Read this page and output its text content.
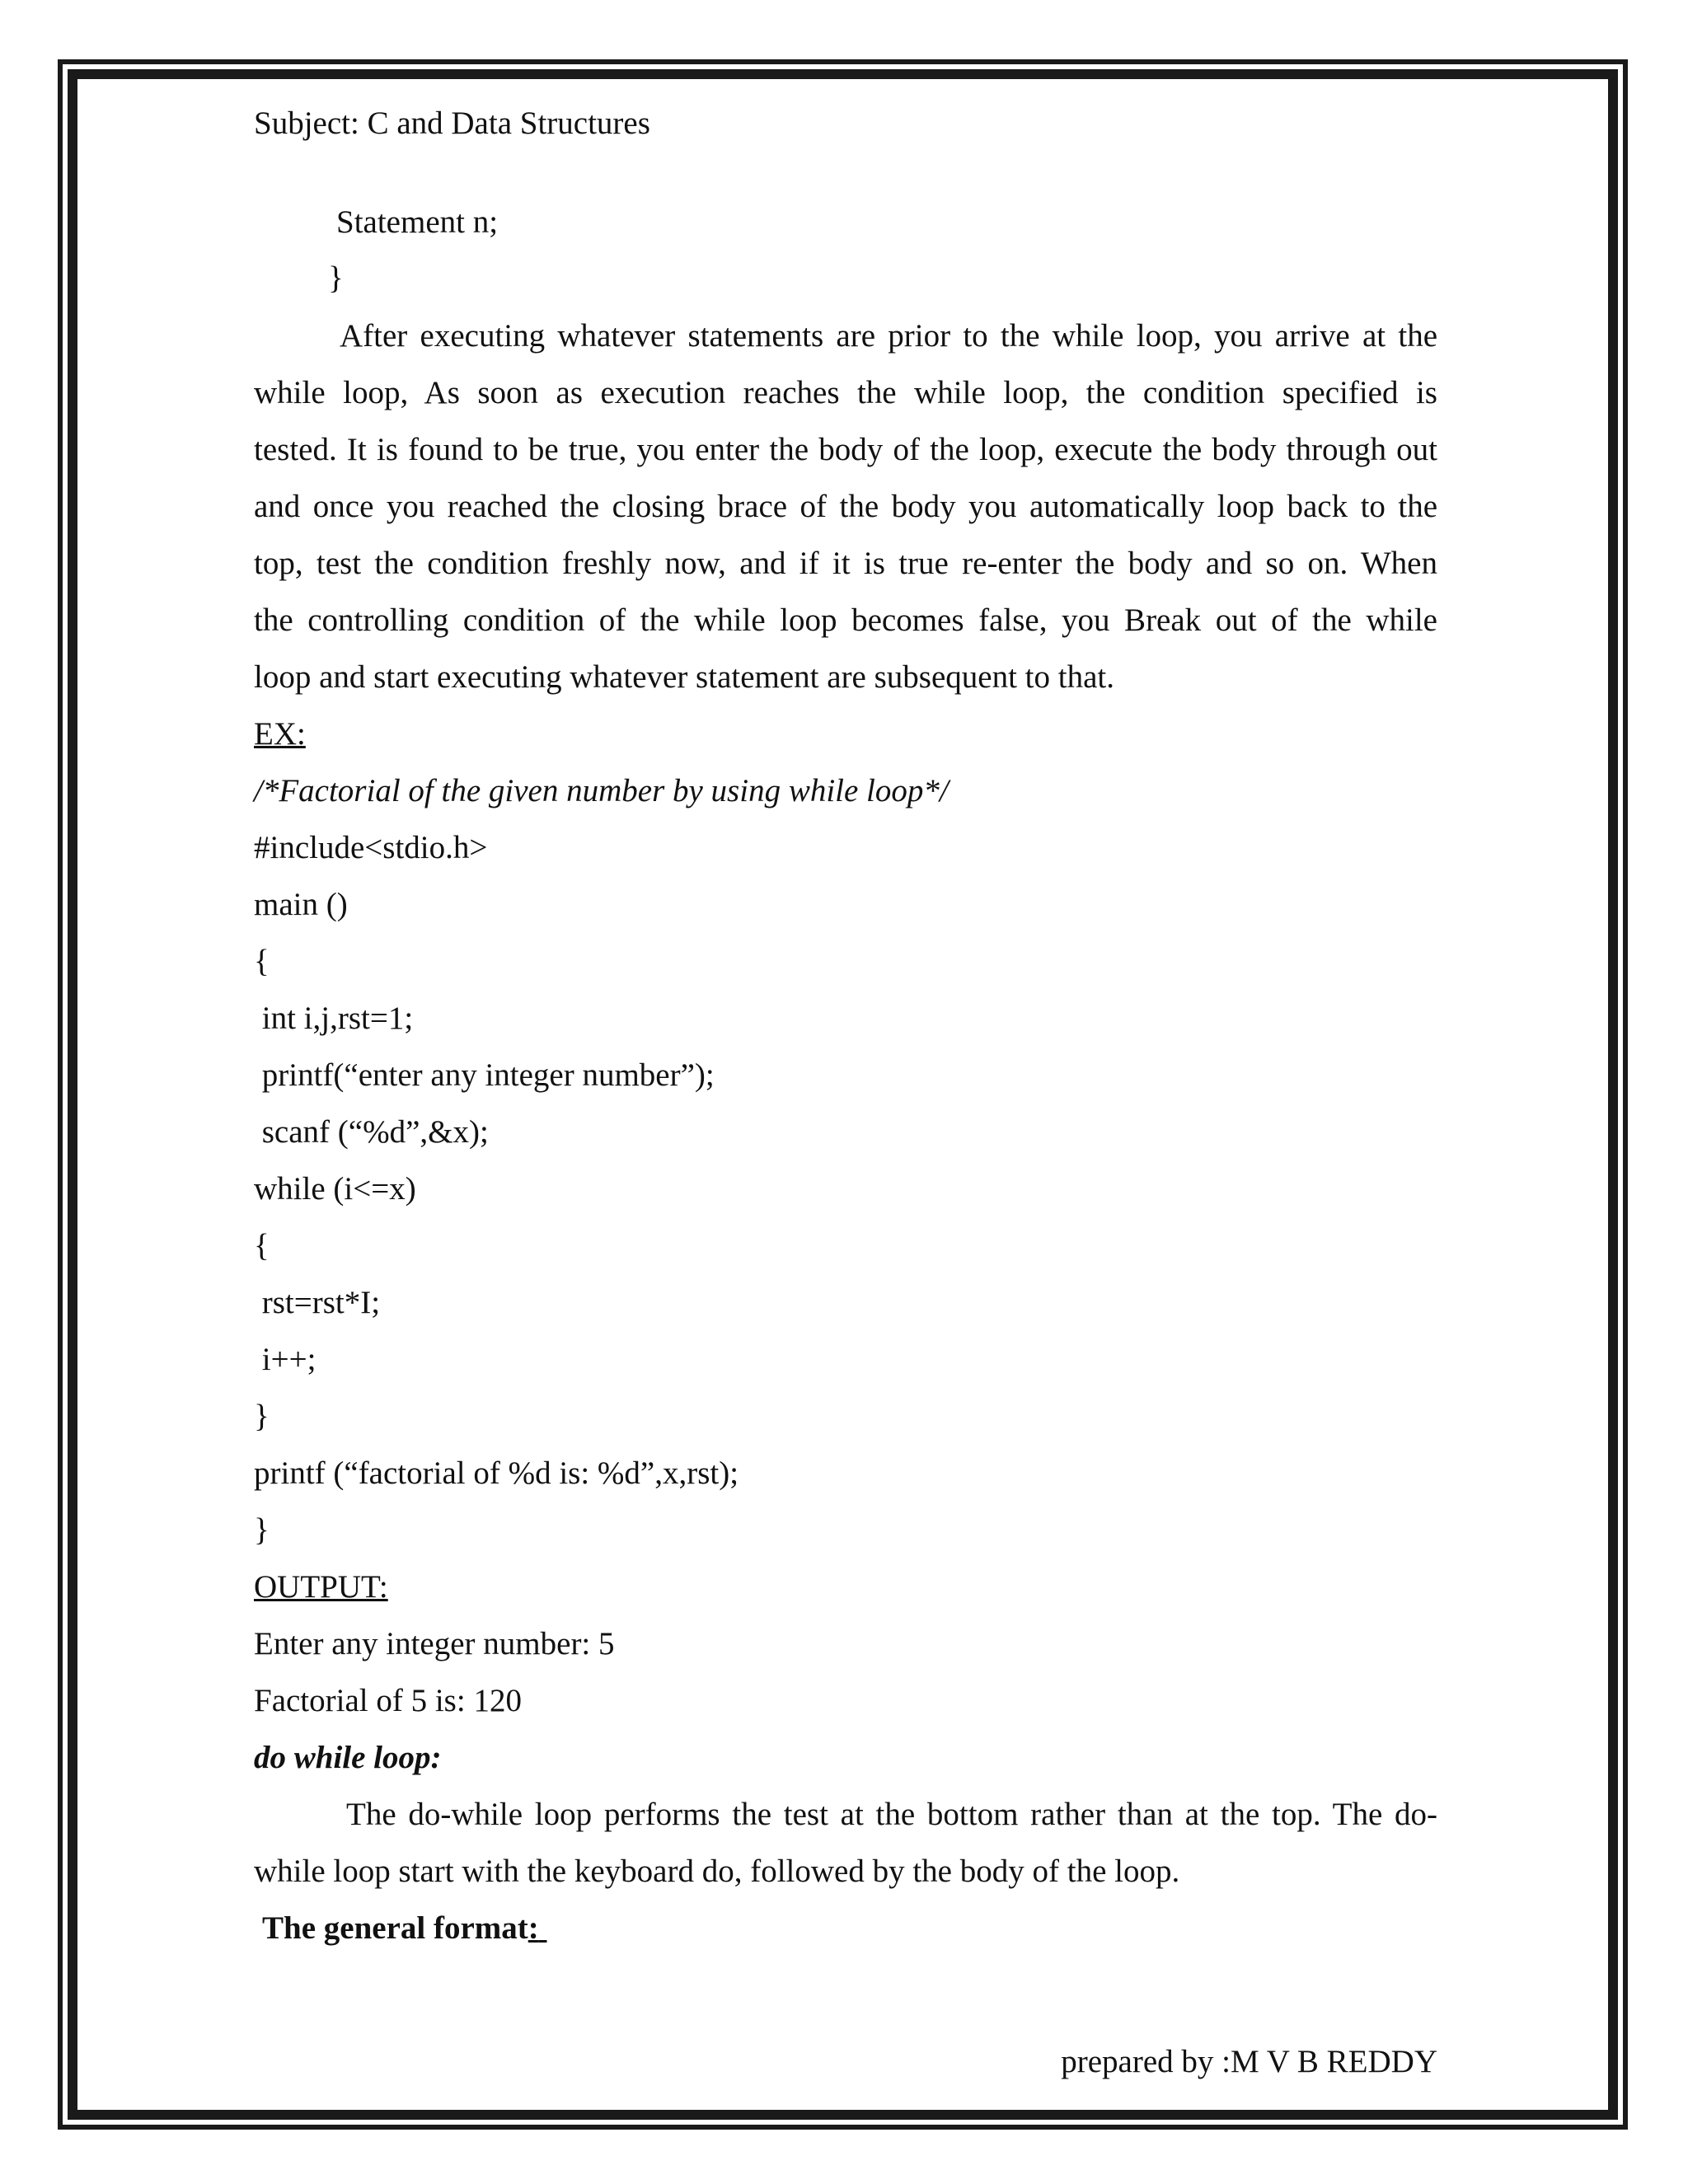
Subject: C and Data Structures
Statement n;
}
After executing whatever statements are prior to the while loop, you arrive at the
while loop, As soon as execution reaches the while loop, the condition specified is
tested. It is found to be true, you enter the body of the loop, execute the body through out
and once you reached the closing brace of the body you automatically loop back to the
top, test the condition freshly now, and if it is true re-enter the body and so on. When
the controlling condition of the while loop becomes false, you Break out of the while
loop and start executing whatever statement are subsequent to that.
EX:
/*Factorial of the given number by using while loop*/
#include<stdio.h>
main ()
{
int i,j,rst=1;
printf(“enter any integer number”);
scanf (“%d”,&x);
while (i<=x)
{
rst=rst*I;
i++;
}
printf (“factorial of %d is: %d”,x,rst);
}
OUTPUT:
Enter any integer number: 5
Factorial of 5 is: 120
do while loop:
The do-while loop performs the test at the bottom rather than at the top. The do-
while loop start with the keyboard do, followed by the body of the loop.
The general format:
prepared by :M V B REDDY
